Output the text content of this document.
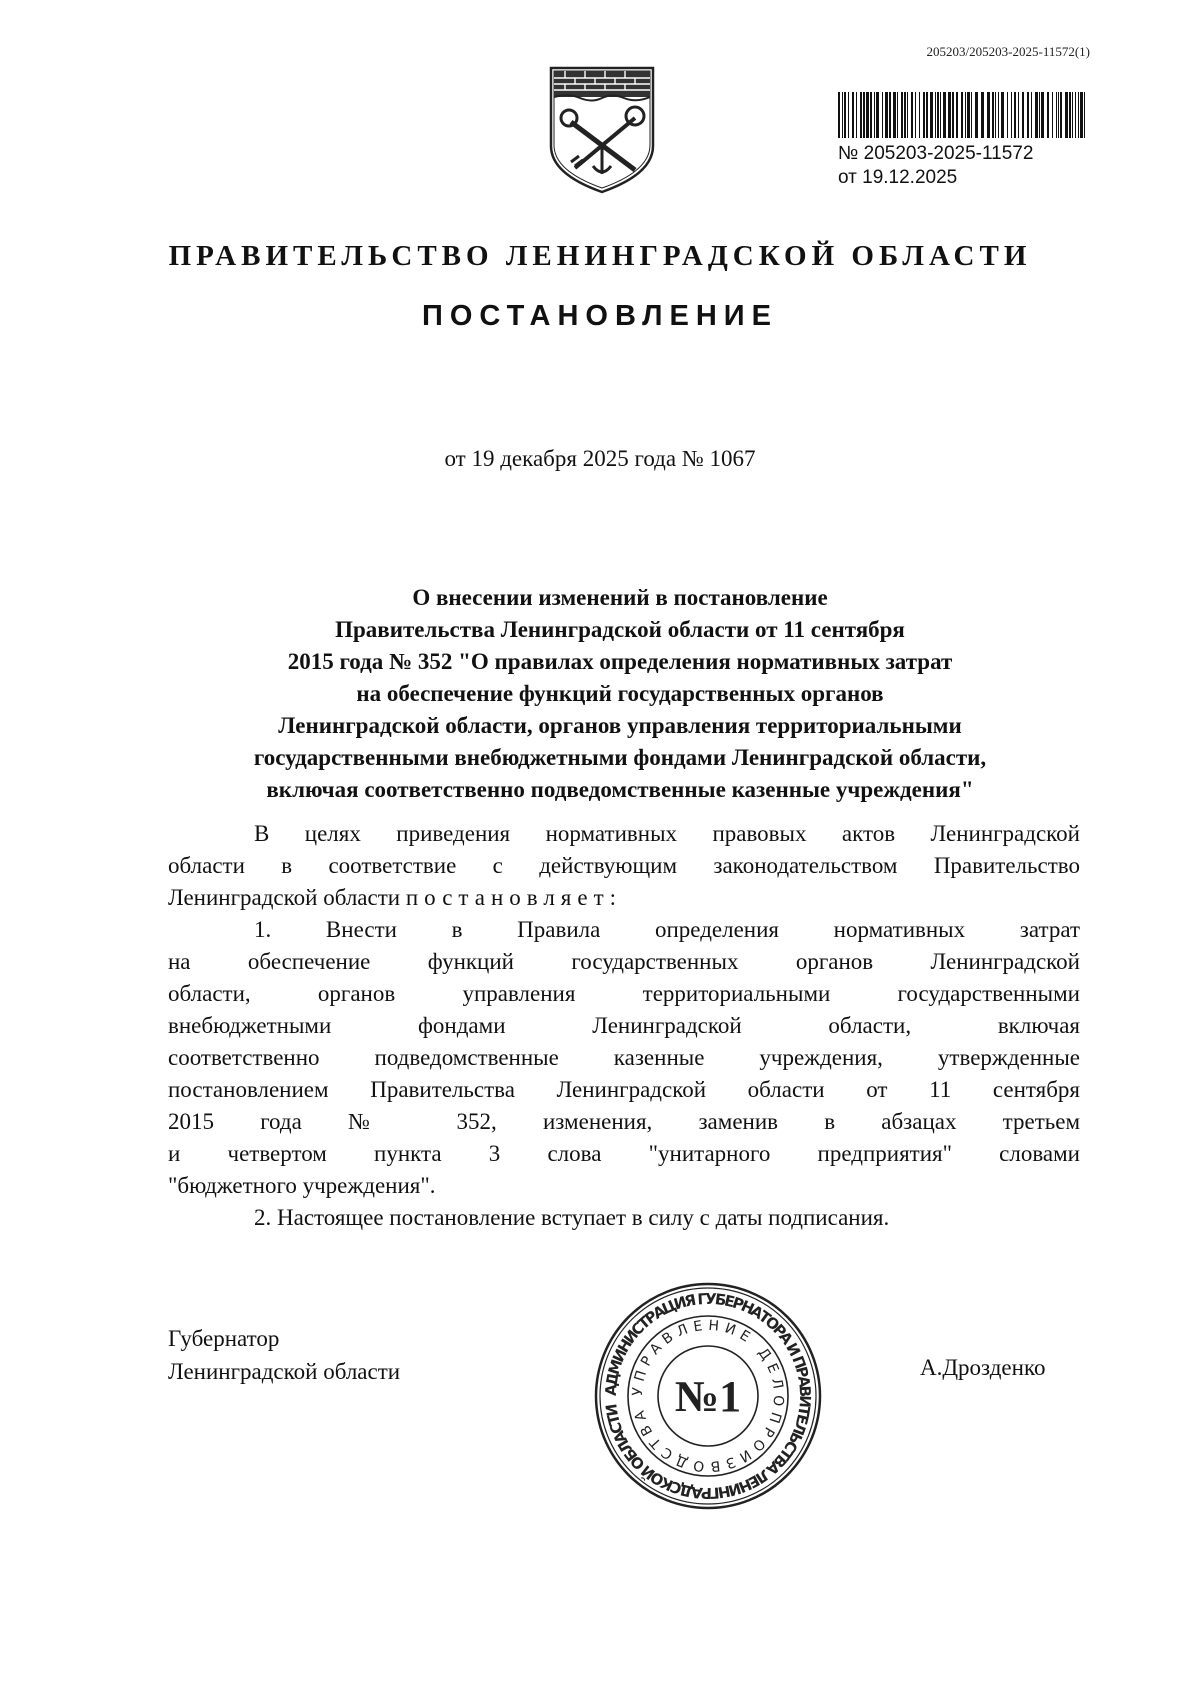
205203/205203-2025-11572(1)
№ 205203-2025-11572
от 19.12.2025
ПРАВИТЕЛЬСТВО ЛЕНИНГРАДСКОЙ ОБЛАСТИ
ПОСТАНОВЛЕНИЕ
от 19 декабря 2025 года № 1067
О внесении изменений в постановление
Правительства Ленинградской области от 11 сентября
2015 года № 352 "О правилах определения нормативных затрат
на обеспечение функций государственных органов
Ленинградской области, органов управления территориальными
государственными внебюджетными фондами Ленинградской области,
включая соответственно подведомственные казенные учреждения"
В целях приведения нормативных правовых актов Ленинградской
области в соответствие с действующим законодательством Правительство
Ленинградской области постановляет:
1. Внести в Правила определения нормативных затрат
на обеспечение функций государственных органов Ленинградской
области, органов управления территориальными государственными
внебюджетными фондами Ленинградской области, включая
соответственно подведомственные казенные учреждения, утвержденные
постановлением Правительства Ленинградской области от 11 сентября
2015 года № 352, изменения, заменив в абзацах третьем
и четвертом пункта 3 слова "унитарного предприятия" словами
"бюджетного учреждения".
2. Настоящее постановление вступает в силу с даты подписания.
Губернатор
Ленинградской области	А.Дрозденко
АДМИНИСТРАЦИЯ ГУБЕРНАТОРА И ПРАВИТЕЛЬСТВА ЛЕНИНГРАДСКОЙ ОБЛАСТИ
УПРАВЛЕНИЕ ДЕЛОПРОИЗВОДСТВА №1
